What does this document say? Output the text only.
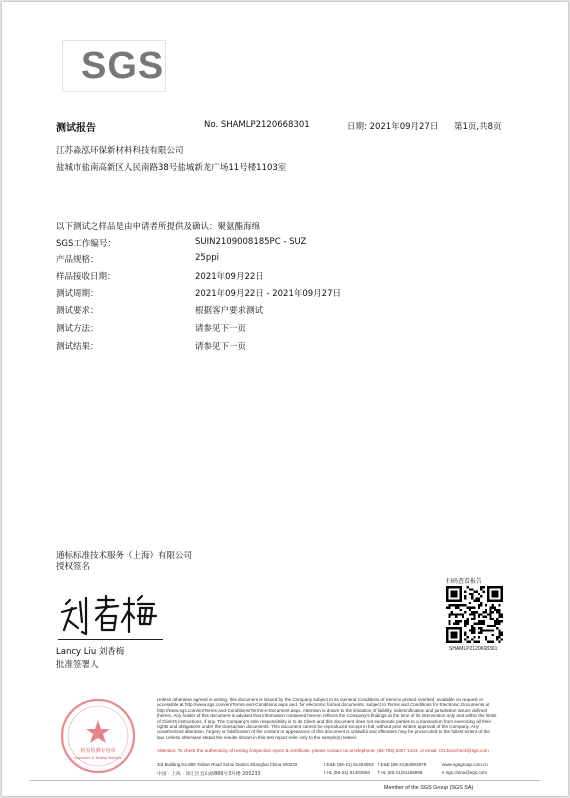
SGS
测试报告	No. SHAMLP2120668301	日期: 2021年09月27日 第1页,共8页
江苏淼泓环保新材料科技有限公司
盐城市盐南高新区人民南路38号盐城新龙广场11号楼1103室
以下测试之样品是由申请者所提供及确认：聚氨酯海绵
SGS工作编号：	SUIN2109008185PC - SUZ
产品规格：	25ppi
样品接收日期：	2021年09月22日
测试周期：	2021年09月22日 - 2021年09月27日
测试要求：	根据客户要求测试
测试方法：	请参见下一页
测试结果：	请参见下一页
通标标准技术服务（上海）有限公司
授权签名
Lancy Liu 刘香梅
批准签署人
扫码查看报告
SHAMLP2120668301
检验检测专用章
Inspection & Testing Services
Unless otherwise agreed in writing, this document is issued by the Company subject to its General Conditions of Service printed overleaf, available on request or accessible at http://www.sgs.com/en/Terms-and-Conditions.aspx and, for electronic format documents, subject to Terms and Conditions for Electronic Documents at http://www.sgs.com/en/Terms-and-Conditions/Terms-e-Document.aspx. Attention is drawn to the limitation of liability, indemnification and jurisdiction issues defined therein. Any holder of this document is advised that information contained hereon reflects the Company's findings at the time of its intervention only and within the limits of Client's instructions, if any. The Company's sole responsibility is to its Client and this document does not exonerate parties to a transaction from exercising all their rights and obligations under the transaction documents. This document cannot be reproduced except in full, without prior written approval of the Company. Any unauthorized alteration, forgery or falsification of the content or appearance of this document is unlawful and offenders may be prosecuted to the fullest extent of the law. Unless otherwise stated the results shown in this test report refer only to the sample(s) tested.
Attention: To check the authenticity of testing /inspection report & certificate, please contact us at telephone: (86-755) 8307 1443, or email: CN.Doccheck@sgs.com
3rd Building,No.889 Yishan Road Xuhui District,Shanghai China 200233
中国 · 上海 · 徐汇区宜山路889号3号楼 200233
t E&E (86-21) 61402553 f E&E (86-21)64953679	www.sgsgroup.com.cn
t HL (86-21) 61402594 f HL (86-21)61156899	e sgs.china@sgs.com
Member of the SGS Group (SGS SA)
